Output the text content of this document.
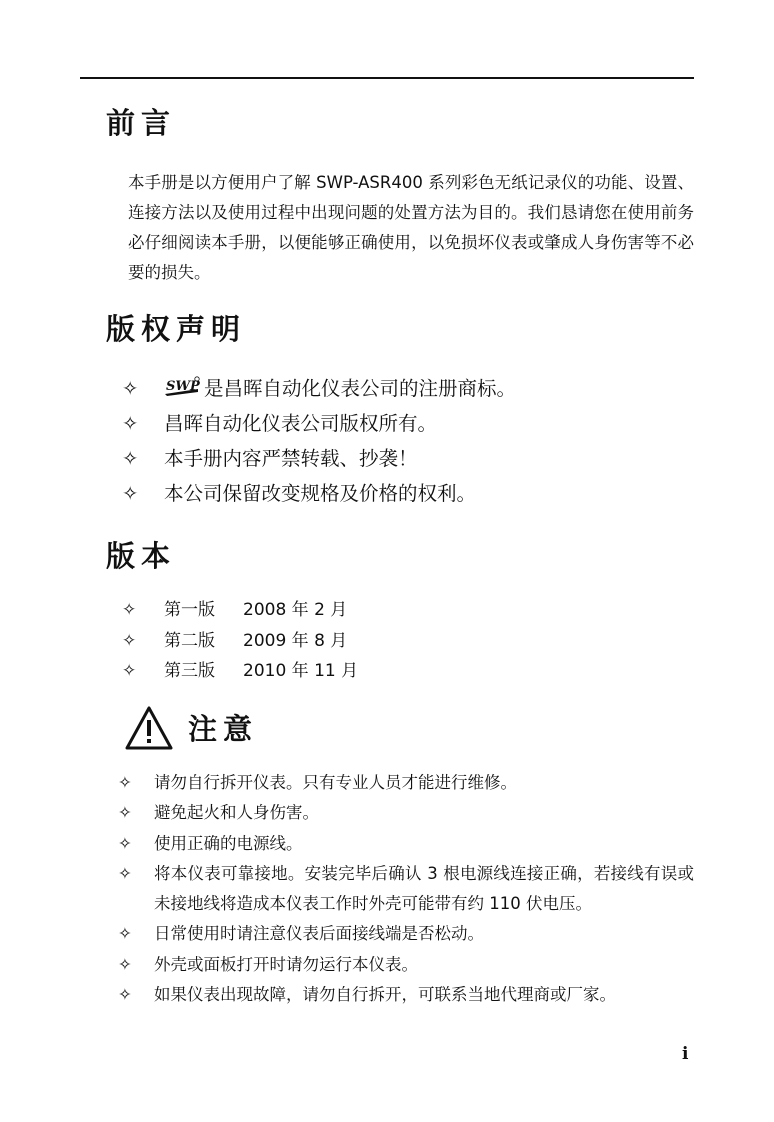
前言

本手册是以方便用户了解 SWP-ASR400 系列彩色无纸记录仪的功能、设置、连接方法以及使用过程中出现问题的处置方法为目的。我们恳请您在使用前务必仔细阅读本手册，以便能够正确使用，以免损坏仪表或肇成人身伤害等不必要的损失。

版权声明
✧ SWP 是昌晖自动化仪表公司的注册商标。
✧ 昌晖自动化仪表公司版权所有。
✧ 本手册内容严禁转载、抄袭！
✧ 本公司保留改变规格及价格的权利。
版本
✧ 第一版 2008 年 2 月
✧ 第二版 2009 年 8 月
✧ 第三版 2010 年 11 月
注意
✧ 请勿自行拆开仪表。只有专业人员才能进行维修。
✧ 避免起火和人身伤害。
✧ 使用正确的电源线。
✧ 将本仪表可靠接地。安装完毕后确认 3 根电源线连接正确，若接线有误或未接地线将造成本仪表工作时外壳可能带有约 110 伏电压。
✧ 日常使用时请注意仪表后面接线端是否松动。
✧ 外壳或面板打开时请勿运行本仪表。
✧ 如果仪表出现故障，请勿自行拆开，可联系当地代理商或厂家。
i
